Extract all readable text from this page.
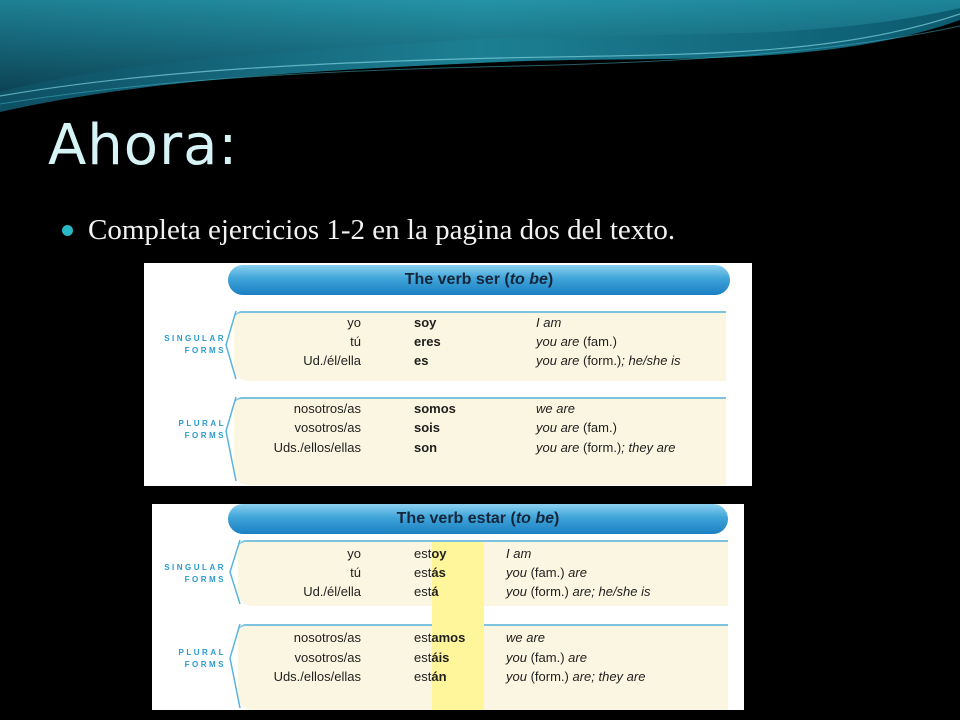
Ahora:
Completa ejercicios 1-2 en la pagina dos del texto.
The verb ser (to be)
SINGULAR
FORMS
PLURAL
FORMS
yo	soy	I am
tú	eres	you are (fam.)
Ud./él/ella	es	you are (form.); he/she is
nosotros/as	somos	we are
vosotros/as	sois	you are (fam.)
Uds./ellos/ellas	son	you are (form.); they are
The verb estar (to be)
SINGULAR
FORMS
PLURAL
FORMS
yo	estoy	I am
tú	estás	you (fam.) are
Ud./él/ella	está	you (form.) are; he/she is
nosotros/as	estamos	we are
vosotros/as	estáis	you (fam.) are
Uds./ellos/ellas	están	you (form.) are; they are
